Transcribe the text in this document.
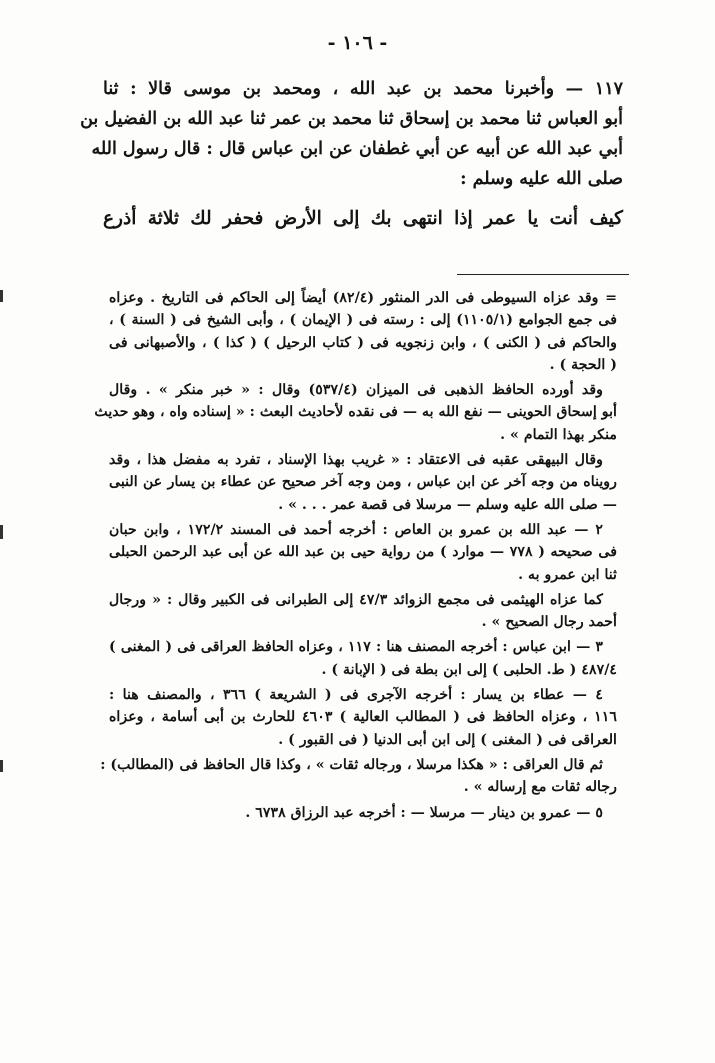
- ١٠٦ -
١١٧ — وأخبرنا محمد بن عبد الله ، ومحمد بن موسى قالا : ثنا
أبو العباس ثنا محمد بن إسحاق ثنا محمد بن عمر ثنا عبد الله بن الفضيل بن
أبي عبد الله عن أبيه عن أبي غطفان عن ابن عباس قال : قال رسول الله
صلى الله عليه وسلم :
كيف أنت يا عمر إذا انتهى بك إلى الأرض فحفر لك ثلاثة أذرع
= وقد عزاه السيوطى فى الدر المنثور (٨٢/٤) أيضاً إلى الحاكم فى التاريخ . وعزاه
فى جمع الجوامع (١١٠٥/١) إلى : رسته فى ( الإيمان ) ، وأبى الشيخ فى ( السنة ) ،
والحاكم فى ( الكنى ) ، وابن زنجويه فى ( كتاب الرحيل ) ( كذا ) ، والأصبهانى فى
( الحجة ) .
وقد أورده الحافظ الذهبى فى الميزان (٥٣٧/٤) وقال : « خبر منكر » . وقال
أبو إسحاق الحوينى — نفع الله به — فى نقده لأحاديث البعث : « إسناده واه ، وهو حديث
منكر بهذا التمام » .
وقال البيهقى عقبه فى الاعتقاد : « غريب بهذا الإسناد ، تفرد به مفضل هذا ، وقد
رويناه من وجه آخر عن ابن عباس ، ومن وجه آخر صحيح عن عطاء بن يسار عن النبى
— صلى الله عليه وسلم — مرسلا فى قصة عمر . . . » .
٢ — عبد الله بن عمرو بن العاص : أخرجه أحمد فى المسند ١٧٢/٢ ، وابن حبان
فى صحيحه ( ٧٧٨ — موارد ) من رواية حيى بن عبد الله عن أبى عبد الرحمن الحبلى
ثنا ابن عمرو به .
كما عزاه الهيثمى فى مجمع الزوائد ٤٧/٣ إلى الطبرانى فى الكبير وقال : « ورجال
أحمد رجال الصحيح » .
٣ — ابن عباس : أخرجه المصنف هنا : ١١٧ ، وعزاه الحافظ العراقى فى ( المغنى )
٤٨٧/٤ ( ط. الحلبى ) إلى ابن بطة فى ( الإبانة ) .
٤ — عطاء بن يسار : أخرجه الآجرى فى ( الشريعة ) ٣٦٦ ، والمصنف هنا :
١١٦ ، وعزاه الحافظ فى ( المطالب العالية ) ٤٦٠٣ للحارث بن أبى أسامة ، وعزاه
العراقى فى ( المغنى ) إلى ابن أبى الدنيا ( فى القبور ) .
ثم قال العراقى : « هكذا مرسلا ، ورجاله ثقات » ، وكذا قال الحافظ فى (المطالب) :
رجاله ثقات مع إرساله » .
٥ — عمرو بن دينار — مرسلا — : أخرجه عبد الرزاق ٦٧٣٨ .
